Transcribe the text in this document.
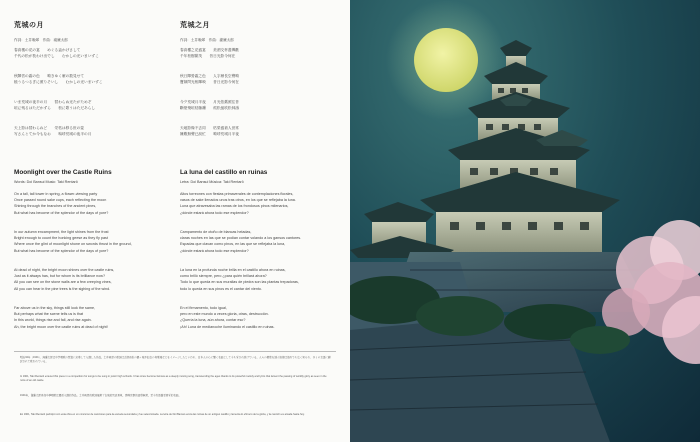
荒城の月
作詞：土井晩翠　作曲：滝廉太郎
春高楼の花の宴　　めぐる盃かげさして
千代の松が枝わけ出でし　　むかしの光いまいずこ
秋陣営の霜の色　　鳴きゆく雁の数見せて
植うるつるぎに照りそいし　　むかしの光いまいずこ
いま荒城の夜半の月　　替わらぬ光たがためぞ
垣に残るはただかずら　　松に歌うはただあらし
天上影は替わらねど　　栄枯は移る世の姿
写さんとてか今もなお　　嗚呼荒城の夜半の月
荒城之月
作詞：土井晩翠　作曲：瀧廉太郎
春高樓之花盛宴　　美酒交杯盡傳歡
千年松樹繁茂　　昔日光影今何在
秋日陣營霜之色　　人字雁長空聲鳴
寶劍閃光相輝映　　昔日光影今何在
今夕荒城月半夜　　月光依舊照往昔
斷壁殘垣枯藤纏　　孤松風吹松林濤
天地影像不去同　　枯榮盛衰人世常
擁殿無聲已淚忙　　鳴呼荒城月半夜
Moonlight over the Castle Ruins
Words: Doi Bansui Music: Taki Rentarō
On a tall, tall tower in spring, a flower-viewing party
Once passed round sake cups, each reflecting the moon
Shining through the branches of the ancient pines,
But what has become of the splendor of the days of yore?
In our autumn encampment, the light shines from the frost
Bright enough to count the honking geese as they fly past
Where once the glint of moonlight shone on swords thrust in the ground,
But what has become of the splendor of the days of yore?
At dead of night, the bright moon shines over the castle ruins,
Just as it always has, but for whom is its brilliance now?
All you can see on the stone walls are a few creeping vines,
All you can hear in the pine trees is the sighing of the wind.
Far above us in the sky, things still look the same,
But perhaps what the scene tells us is that
In this world, things rise and fall, and rise again.
Ah, the bright moon over the castle ruins at dead of night!
La luna del castillo en ruinas
Letra: Doi Bansui Música: Taki Rentarō
Altos torreones con fiestas primaverales de contemplaciones florales,
vasos de sake llenados unos tras otros, en los que se reflejaba la luna.
Luna que atravesaba las ramas de los frondosos pinos milenarios,
¿dónde estará ahora todo ese esplendor?
Campamento de otoño de blancas heladas,
claras noches en las que se podían contar volando a los gansos cantores.
Espadas que clavan como pinos, en las que se reflejaba la luna,
¿dónde estará ahora todo ese esplendor?
La luna en la profunda noche brilla en el castillo ahora en ruinas,
como brilló siempre, pero ¿para quién brillará ahora?
Todo lo que queda en sus murallas de piedra son las plantas trepadoras,
todo lo queda en sus pinos es el cantar del viento.
En el firmamento, todo igual,
pero en este mundo a veces gloria, otras, destrucción.
¿Quería la luna, aún ahora, contar eso?
¡Ah! Luna de medianoche iluminando el castillo en ruinas.
明治34年（1901）、滝廉太郎は中学唱歌の懸賞に応募して入選した作品。土井晩翠の歌詞は会津若松の鶴ヶ城や仙台の青葉城などをイメージしたといわれ、日本人の心に響く名曲として今も愛され続けている。人々の郷愁を誘う旋律は海外でも広く知られ、多くの言語に翻訳されて歌われている。
In 1901, Taki Rentarō entered this piece in a competition for songs to be sung in junior high schools. It has since become famous as a deeply moving song, transcending the ages thanks to its powerful melody and lyrics that lament the passing of worldly glory as seen in the ruins of an old castle.
1901年，瀧廉太郎參加中學唱歌比賽而入選的作品。土井晚翠的歌詞描寫了古城的荒涼景象，感嘆世事的盛衰無常，至今仍是廣受喜愛的名曲。
En 1901, Taki Rentarō participó con esta obra en un concurso de canciones para la escuela secundaria y fue seleccionada. La letra de Doi Bansui evoca las ruinas de un antiguo castillo y lamenta lo efímero de la gloria, y la canción es amada hasta hoy.
